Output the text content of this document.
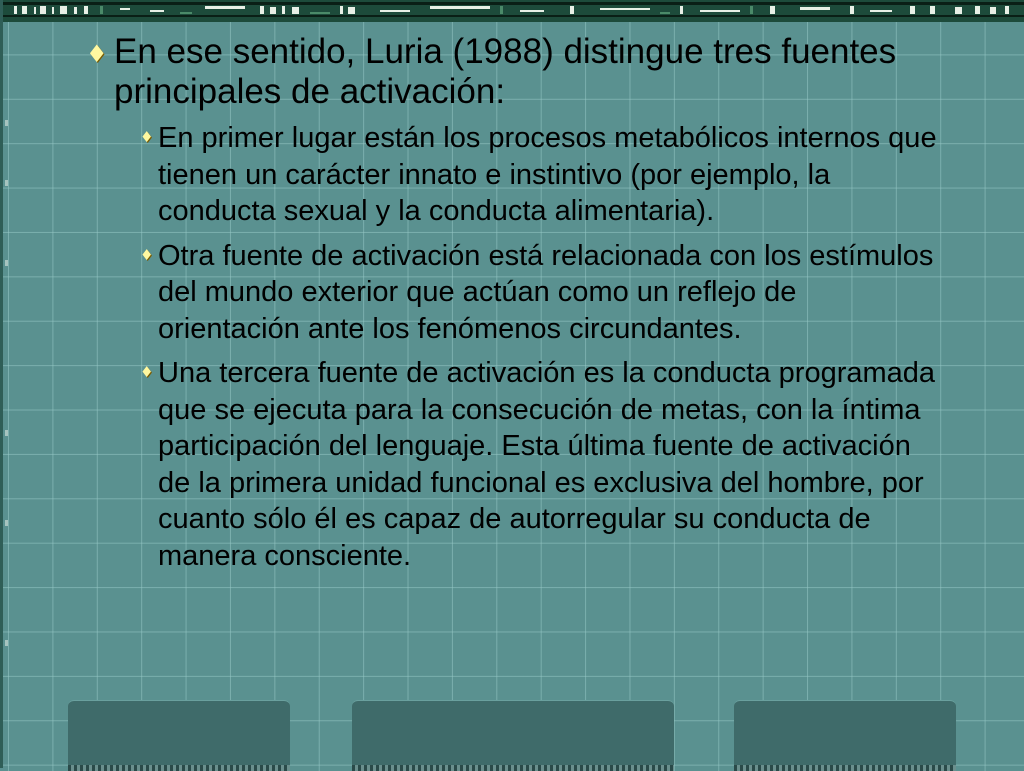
♦ En ese sentido, Luria (1988) distingue tres fuentes principales de activación:
♦ En primer lugar están los procesos metabólicos internos que tienen un carácter innato e instintivo (por ejemplo, la conducta sexual y la conducta alimentaria).
♦ Otra fuente de activación está relacionada con los estímulos del mundo exterior que actúan como un reflejo de orientación ante los fenómenos circundantes.
♦ Una tercera fuente de activación es la conducta programada que se ejecuta para la consecución de metas, con la íntima participación del lenguaje. Esta última fuente de activación de la primera unidad funcional es exclusiva del hombre, por cuanto sólo él es capaz de autorregular su conducta de manera consciente.
